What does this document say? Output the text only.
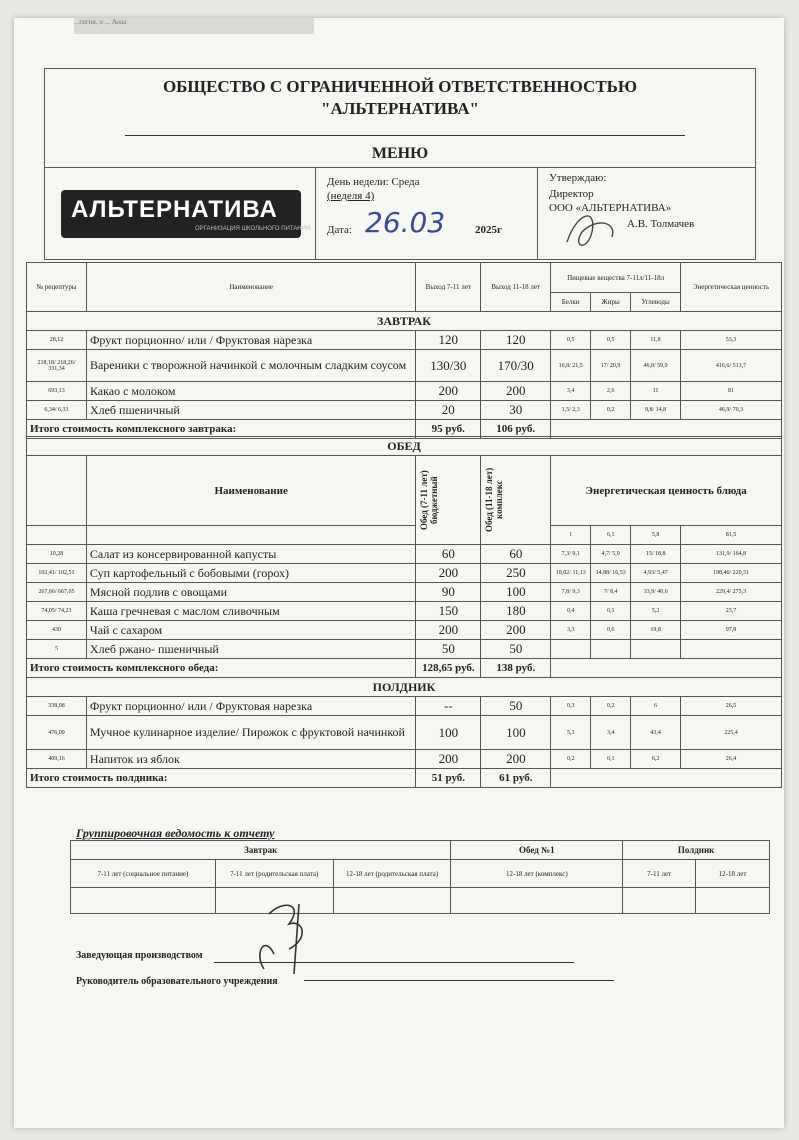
...гигия, и ... Аоаа
ОБЩЕСТВО С ОГРАНИЧЕННОЙ ОТВЕТСТВЕННОСТЬЮ
"АЛЬТЕРНАТИВА"
МЕНЮ
АЛЬТЕРНАТИВА
ОРГАНИЗАЦИЯ ШКОЛЬНОГО ПИТАНИЯ
День недели: Среда
(неделя 4)
Дата: 26.03	2025г
Утверждаю:
Директор
ООО «АЛЬТЕРНАТИВА»
А.В. Толмачев
№ рецептуры	Наименование	Выход 7-11 лет	Выход 11-18 лет	Пищевые вещества 7-11л/11-18л			Энергетическая ценность
				Белки	Жиры	Углеводы	
ЗАВТРАК							
28,12	Фрукт порционно/ или / Фруктовая нарезка	120	120	0,5	0,5	11,8	53,3
218,18/ 218,26/ 331,34	Вареники с творожной начинкой с молочным сладким соусом	130/30	170/30	16,8/ 21,5	17/ 20,9	46,8/ 59,9	416,6/ 513,7
693,13	Какао с молоком	200	200	3,4	2,6	11	81
6,34/ 6,33	Хлеб пшеничный	20	30	1,5/ 2,3	0,2	9,8/ 14,8	46,9/ 70,3
Итого стоимость комплексного завтрака:		95 руб.	106 руб.				
ОБЕД							
	Наименование	Обед (7-11 лет) бюджетный	Обед (11-18 лет) комплекс	Энергетическая ценность блюда			
				1	6,1	5,8	81,5
10,28	Салат из консервированной капусты	60	60	7,3/ 9,1	4,7/ 5,9	15/ 18,8	131,9/ 164,8
102,41/ 102,51	Суп картофельный с бобовыми (горох)	200	250	10,02/ 11,13	14,88/ 16,53	4,93/ 5,47	198,46/ 220,51
267,66/ 667,05	Мясной подлив с овощами	90	100	7,8/ 9,3	7/ 8,4	33,9/ 40,6	229,4/ 275,3
74,05/ 74,23	Каша гречневая с маслом сливочным	150	180	0,4	0,1	5,2	23,7
430	Чай с сахаром	200	200	3,3	0,6	19,8	97,8
5	Хлеб ржано- пшеничный	50	50				
Итого стоимость комплексного обеда:		128,65 руб.	138 руб.				
ПОЛДНИК							
338,08	Фрукт порционно/ или / Фруктовая нарезка	--	50	0,3	0,2	6	26,5
476,09	Мучное кулинарное изделие/ Пирожок с фруктовой начинкой	100	100	5,3	3,4	43,4	225,4
409,16	Напиток из яблок	200	200	0,2	0,1	6,2	26,4
Итого стоимость полдника:		51 руб.	61 руб.				
Группировочная ведомость к отчету
Завтрак			Обед №1	Полдник	
7-11 лет (социальное питание)	7-11 лет (родительская плата)	12-18 лет (родительская плата)	12-18 лет (комплекс)	7-11 лет	12-18 лет

Заведующая производством
Руководитель образовательного учреждения
